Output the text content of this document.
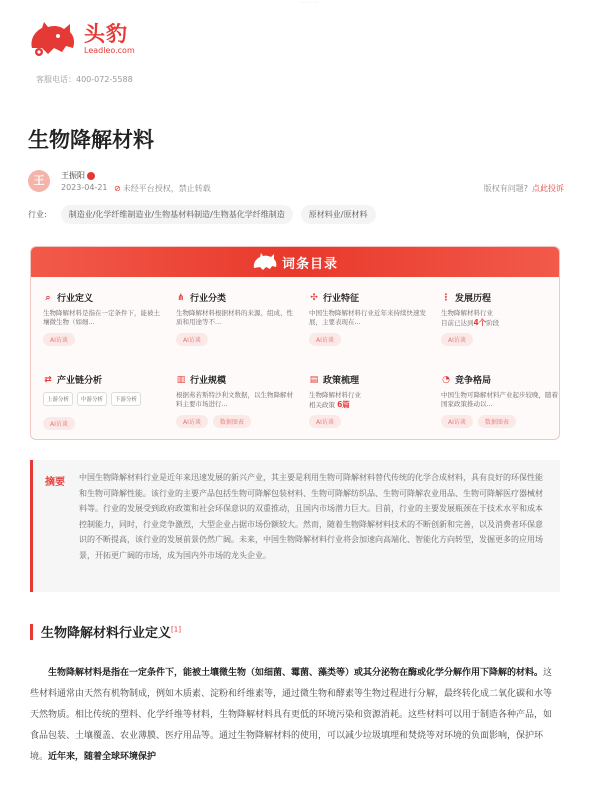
··· ··· ···
头豹
Leadleo.com
客服电话：400-072-5588
生物降解材料
王	王振阳
2023-04-21 ⊘ 未经平台授权，禁止转载	版权有问题? 点此投诉
行业:	制造业/化学纤维制造业/生物基材料制造/生物基化学纤维制造	原材料业/原材料
词条目录
⌕ 行业定义
生物降解材料是指在一定条件下，能被土壤微生物（如细...
AI访谈
⋔ 行业分类
生物降解材料根据材料的来源、组成、性质和用途等不...
AI访谈
✣ 行业特征
中国生物降解材料行业近年来持续快速发展，主要表现在...
AI访谈
⋮ 发展历程
生物降解材料行业
目前已达到4个阶段
AI访谈
⇄ 产业链分析
上游分析	中游分析	下游分析
AI访谈
▥ 行业规模
根据弗若斯特沙利文数据，以生物降解材料主要市场进行...
AI访谈	数据图表
▤ 政策梳理
生物降解材料行业
相关政策 6篇
AI访谈
◔ 竞争格局
中国生物可降解材料产业起步较晚，随着国家政策推动以...
AI访谈	数据图表
摘要 中国生物降解材料行业是近年来迅速发展的新兴产业，其主要是利用生物可降解材料替代传统的化学合成材料，具有良好的环保性能和生物可降解性能。该行业的主要产品包括生物可降解包装材料、生物可降解纺织品、生物可降解农业用品、生物可降解医疗器械材料等。行业的发展受到政府政策和社会环保意识的双重推动，且国内市场潜力巨大。目前，行业的主要发展瓶颈在于技术水平和成本控制能力，同时，行业竞争激烈，大型企业占据市场份额较大。然而，随着生物降解材料技术的不断创新和完善，以及消费者环保意识的不断提高，该行业的发展前景仍然广阔。未来，中国生物降解材料行业将会加速向高端化、智能化方向转型，发掘更多的应用场景，开拓更广阔的市场，成为国内外市场的龙头企业。
生物降解材料行业定义[1]
生物降解材料是指在一定条件下，能被土壤微生物（如细菌、霉菌、藻类等）或其分泌物在酶或化学分解作用下降解的材料。这些材料通常由天然有机物制成，例如木质素、淀粉和纤维素等，通过微生物和酵素等生物过程进行分解，最终转化成二氧化碳和水等天然物质。相比传统的塑料、化学纤维等材料，生物降解材料具有更低的环境污染和资源消耗。这些材料可以用于制造各种产品，如食品包装、土壤覆盖、农业薄膜、医疗用品等。通过生物降解材料的使用，可以减少垃圾填埋和焚烧等对环境的负面影响，保护环境。近年来，随着全球环境保护
